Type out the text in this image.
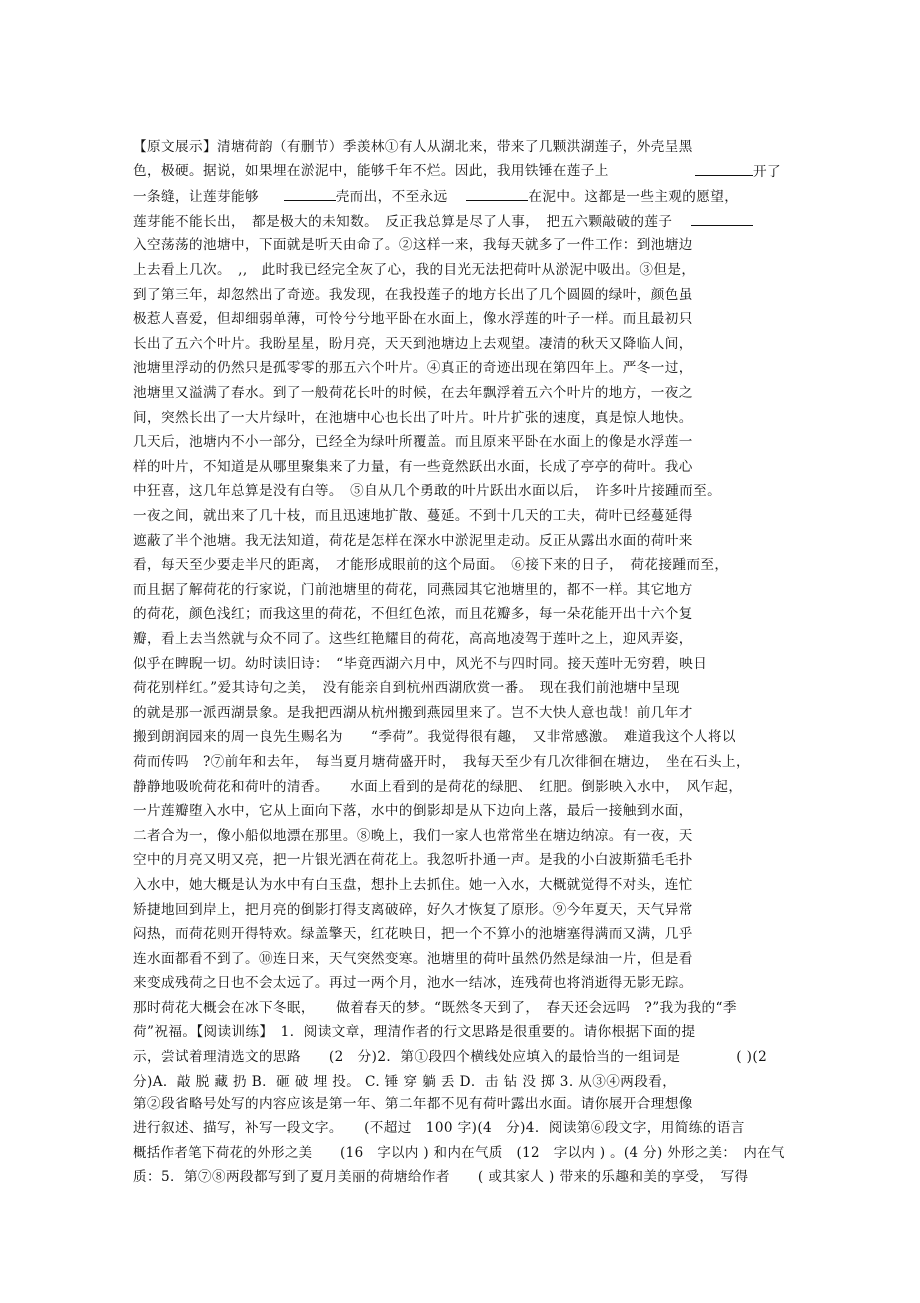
【原文展示】清塘荷韵（有删节）季羡林①有人从湖北来，带来了几颗洪湖莲子，外壳呈黑
色，极硬。据说，如果埋在淤泥中，能够千年不烂。因此，我用铁锤在莲子上	开了
一条缝，让莲芽能够	壳而出，不至永远	在泥中。这都是一些主观的愿望，
莲芽能不能长出，　都是极大的未知数。　反正我总算是尽了人事，　把五六颗敲破的莲子
入空荡荡的池塘中，下面就是听天由命了。②这样一来，我每天就多了一件工作：到池塘边
上去看上几次。　,,　此时我已经完全灰了心，我的目光无法把荷叶从淤泥中吸出。③但是，
到了第三年，却忽然出了奇迹。我发现，在我投莲子的地方长出了几个圆圆的绿叶，颜色虽
极惹人喜爱，但却细弱单薄，可怜兮兮地平卧在水面上，像水浮莲的叶子一样。而且最初只
长出了五六个叶片。我盼星星，盼月亮，天天到池塘边上去观望。凄清的秋天又降临人间，
池塘里浮动的仍然只是孤零零的那五六个叶片。④真正的奇迹出现在第四年上。严冬一过，
池塘里又溢满了春水。到了一般荷花长叶的时候，在去年飘浮着五六个叶片的地方，一夜之
间，突然长出了一大片绿叶，在池塘中心也长出了叶片。叶片扩张的速度，真是惊人地快。
几天后，池塘内不小一部分，已经全为绿叶所覆盖。而且原来平卧在水面上的像是水浮莲一
样的叶片，不知道是从哪里聚集来了力量，有一些竟然跃出水面，长成了亭亭的荷叶。我心
中狂喜，这几年总算是没有白等。　⑤自从几个勇敢的叶片跃出水面以后，　许多叶片接踵而至。
一夜之间，就出来了几十枝，而且迅速地扩散、蔓延。不到十几天的工夫，荷叶已经蔓延得
遮蔽了半个池塘。我无法知道，荷花是怎样在深水中淤泥里走动。反正从露出水面的荷叶来
看，每天至少要走半尺的距离，　才能形成眼前的这个局面。　⑥接下来的日子，　荷花接踵而至，
而且据了解荷花的行家说，门前池塘里的荷花，同燕园其它池塘里的，都不一样。其它地方
的荷花，颜色浅红；而我这里的荷花，不但红色浓，而且花瓣多，每一朵花能开出十六个复
瓣，看上去当然就与众不同了。这些红艳耀目的荷花，高高地凌驾于莲叶之上，迎风弄姿，
似乎在睥睨一切。幼时读旧诗：　“毕竟西湖六月中，风光不与四时同。接天莲叶无穷碧，映日
荷花别样红。”爱其诗句之美，　没有能亲自到杭州西湖欣赏一番。　现在我们前池塘中呈现
的就是那一派西湖景象。是我把西湖从杭州搬到燕园里来了。岂不大快人意也哉！前几年才
搬到朗润园来的周一良先生赐名为　　“季荷”。我觉得很有趣，　又非常感激。　难道我这个人将以
荷而传吗　?⑦前年和去年，　每当夏月塘荷盛开时，　我每天至少有几次徘徊在塘边，　坐在石头上，
静静地吸吮荷花和荷叶的清香。　　水面上看到的是荷花的绿肥、　红肥。倒影映入水中，　风乍起，
一片莲瓣堕入水中，它从上面向下落，水中的倒影却是从下边向上落，最后一接触到水面，
二者合为一，像小船似地漂在那里。⑧晚上，我们一家人也常常坐在塘边纳凉。有一夜，天
空中的月亮又明又亮，把一片银光洒在荷花上。我忽听扑通一声。是我的小白波斯猫毛毛扑
入水中，她大概是认为水中有白玉盘，想扑上去抓住。她一入水，大概就觉得不对头，连忙
矫捷地回到岸上，把月亮的倒影打得支离破碎，好久才恢复了原形。⑨今年夏天，天气异常
闷热，而荷花则开得特欢。绿盖擎天，红花映日，把一个不算小的池塘塞得满而又满，几乎
连水面都看不到了。⑩连日来，天气突然变寒。池塘里的荷叶虽然仍然是绿油一片，但是看
来变成残荷之日也不会太远了。再过一两个月，池水一结冰，连残荷也将消逝得无影无踪。
那时荷花大概会在冰下冬眠，　　做着春天的梦。“既然冬天到了，　春天还会远吗　?”我为我的“季
荷”祝福。【阅读训练】　1．阅读文章，理清作者的行文思路是很重要的。请你根据下面的提
示，尝试着理清选文的思路　　(2　分)2．第①段四个横线处应填入的最恰当的一组词是　　　　( )(2
分)A．敲 脱 藏 扔 B．砸 破 埋 投。 C. 锤 穿 躺 丢 D．击 钻 没 掷 3. 从③④两段看，
第②段省略号处写的内容应该是第一年、第二年都不见有荷叶露出水面。请你展开合理想像
进行叙述、描写，补写一段文字。　　(不超过　100 字)(4　分)4．阅读第⑥段文字，用简练的语言
概括作者笔下荷花的外形之美　　(16　字以内 ) 和内在气质　(12　字以内 ) 。(4 分) 外形之美：　内在气
质：5．第⑦⑧两段都写到了夏月美丽的荷塘给作者　　( 或其家人 ) 带来的乐趣和美的享受，　写得
